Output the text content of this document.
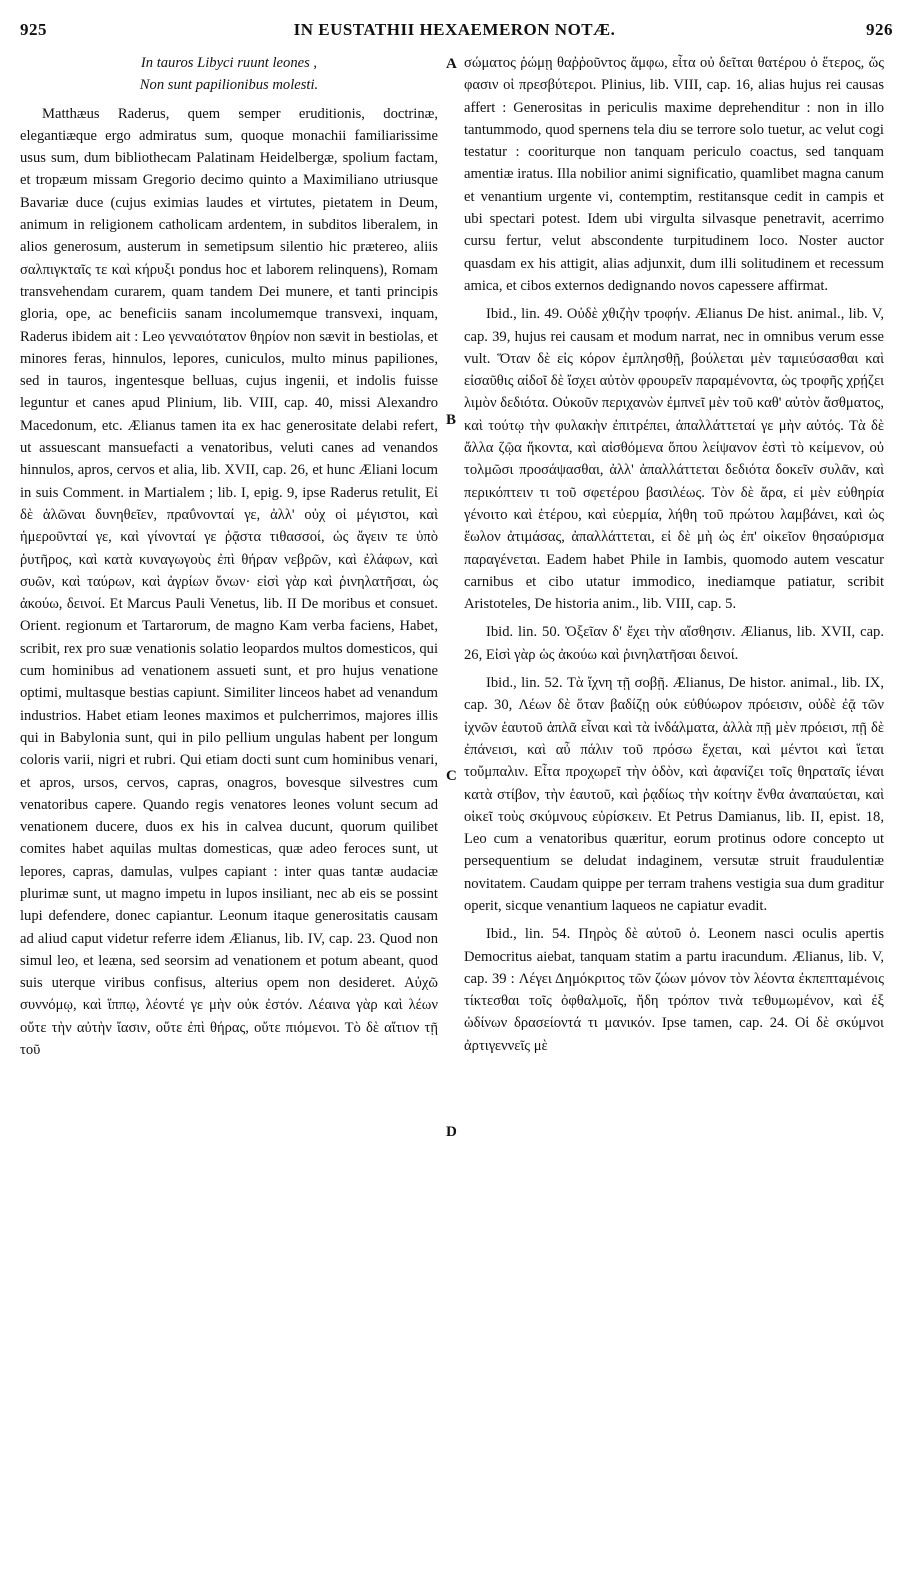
925	IN EUSTATHII HEXAEMERON NOTÆ.	926
A
B
C
D

In tauros Libyci ruunt leones ,

Non sunt papilionibus molesti.

Matthæus Raderus, quem semper eruditionis, doctrinæ, elegantiæque ergo admiratus sum, quoque monachii familiarissime usus sum, dum bibliothecam Palatinam Heidelbergæ, spolium factam, et tropæum missam Gregorio decimo quinto a Maximiliano utriusque Bavariæ duce (cujus eximias laudes et virtutes, pietatem in Deum, animum in religionem catholicam ardentem, in subditos liberalem, in alios generosum, austerum in semetipsum silentio hic prætereo, aliis σαλπιγκταῖς τε καὶ κήρυξι pondus hoc et laborem relinquens), Romam transvehendam curarem, quam tandem Dei munere, et tanti principis gloria, ope, ac beneficiis sanam incolumemque transvexi, inquam, Raderus ibidem ait : Leo γενναιότατον θηρίον non sævit in bestiolas, et minores feras, hinnulos, lepores, cuniculos, multo minus papiliones, sed in tauros, ingentesque belluas, cujus ingenii, et indolis fuisse leguntur et canes apud Plinium, lib. VIII, cap. 40, missi Alexandro Macedonum, etc. Ælianus tamen ita ex hac generositate delabi refert, ut assuescant mansuefacti a venatoribus, veluti canes ad venandos hinnulos, apros, cervos et alia, lib. XVII, cap. 26, et hunc Æliani locum in suis Comment. in Martialem ; lib. I, epig. 9, ipse Raderus retulit, Εἰ δὲ ἁλῶναι δυνηθεῖεν, πραΰνονταί γε, ἀλλ' οὐχ οἱ μέγιστοι, καὶ ἡμεροῦνταί γε, καὶ γίνονταί γε ῥᾷστα τιθασσοί, ὡς ἄγειν τε ὑπὸ ῥυτῆρος, καὶ κατὰ κυναγωγοὺς ἐπὶ θήραν νεβρῶν, καὶ ἐλάφων, καὶ συῶν, καὶ ταύρων, καὶ ἀγρίων ὄνων· εἰσὶ γὰρ καὶ ῥινηλατῆσαι, ὡς ἀκούω, δεινοί. Et Marcus Pauli Venetus, lib. II De moribus et consuet. Orient. regionum et Tartarorum, de magno Kam verba faciens, Habet, scribit, rex pro suæ venationis solatio leopardos multos domesticos, qui cum hominibus ad venationem assueti sunt, et pro hujus venatione optimi, multasque bestias capiunt. Similiter linceos habet ad venandum industrios. Habet etiam leones maximos et pulcherrimos, majores illis qui in Babylonia sunt, qui in pilo pellium ungulas habent per longum coloris varii, nigri et rubri. Qui etiam docti sunt cum hominibus venari, et apros, ursos, cervos, capras, onagros, bovesque silvestres cum venatoribus capere. Quando regis venatores leones volunt secum ad venationem ducere, duos ex his in calvea ducunt, quorum quilibet comites habet aquilas multas domesticas, quæ adeo feroces sunt, ut lepores, capras, damulas, vulpes capiant : inter quas tantæ audaciæ plurimæ sunt, ut magno impetu in lupos insiliant, nec ab eis se possint lupi defendere, donec capiantur. Leonum itaque generositatis causam ad aliud caput videtur referre idem Ælianus, lib. IV, cap. 23. Quod non simul leo, et leæna, sed seorsim ad venationem et potum abeant, quod suis uterque viribus confisus, alterius opem non desideret. Αὐχῶ συννόμῳ, καὶ ἵππῳ, λέοντέ γε μὴν οὐκ ἐστόν. Λέαινα γὰρ καὶ λέων οὔτε τὴν αὐτὴν ἴασιν, οὔτε ἐπὶ θήρας, οὔτε πιόμενοι. Τὸ δὲ αἴτιον τῇ τοῦ

σώματος ῥώμῃ θαῤῥοῦντος ἄμφω, εἶτα οὐ δεῖται θατέρου ὁ ἕτερος, ὥς φασιν οἱ πρεσβύτεροι. Plinius, lib. VIII, cap. 16, alias hujus rei causas affert : Generositas in periculis maxime deprehenditur : non in illo tantummodo, quod spernens tela diu se terrore solo tuetur, ac velut cogi testatur : cooriturque non tanquam periculo coactus, sed tanquam amentiæ iratus. Illa nobilior animi significatio, quamlibet magna canum et venantium urgente vi, contemptim, restitansque cedit in campis et ubi spectari potest. Idem ubi virgulta silvasque penetravit, acerrimo cursu fertur, velut abscondente turpitudinem loco. Noster auctor quasdam ex his attigit, alias adjunxit, dum illi solitudinem et recessum amica, et cibos externos dedignando novos capessere affirmat.

Ibid., lin. 49. Οὐδὲ χθιζὴν τροφήν. Ælianus De hist. animal., lib. V, cap. 39, hujus rei causam et modum narrat, nec in omnibus verum esse vult. Ὅταν δὲ εἰς κόρον ἐμπλησθῇ, βούλεται μὲν ταμιεύσασθαι καὶ εἰσαῦθις αἰδοῖ δὲ ἴσχει αὐτὸν φρουρεῖν παραμένοντα, ὡς τροφῆς χρῄζει λιμὸν δεδιότα. Οὐκοῦν περιχανὼν ἐμπνεῖ μὲν τοῦ καθ' αὐτὸν ἄσθματος, καὶ τούτῳ τὴν φυλακὴν ἐπιτρέπει, ἀπαλλάττεταί γε μὴν αὐτός. Τὰ δὲ ἄλλα ζῷα ἥκοντα, καὶ αἰσθόμενα ὅπου λείψανον ἐστὶ τὸ κείμενον, οὐ τολμῶσι προσάψασθαι, ἀλλ' ἀπαλλάττεται δεδιότα δοκεῖν συλᾶν, καὶ περικόπτειν τι τοῦ σφετέρου βασιλέως. Τὸν δὲ ἄρα, εἰ μὲν εὐθηρία γένοιτο καὶ ἑτέρου, καὶ εὐερμία, λήθη τοῦ πρώτου λαμβάνει, καὶ ὡς ἕωλον ἀτιμάσας, ἀπαλλάττεται, εἰ δὲ μὴ ὡς ἐπ' οἰκεῖον θησαύρισμα παραγένεται. Eadem habet Phile in Iambis, quomodo autem vescatur carnibus et cibo utatur immodico, inediamque patiatur, scribit Aristoteles, De historia anim., lib. VIII, cap. 5.

Ibid. lin. 50. Ὀξεῖαν δ' ἔχει τὴν αἴσθησιν. Ælianus, lib. XVII, cap. 26, Εἰσὶ γὰρ ὡς ἀκούω καὶ ῥινηλατῆσαι δεινοί.

Ibid., lin. 52. Τὰ ἴχνη τῇ σοβῇ. Ælianus, De histor. animal., lib. IX, cap. 30, Λέων δὲ ὅταν βαδίζῃ οὐκ εὐθύωρον πρόεισιν, οὐδὲ ἐᾷ τῶν ἰχνῶν ἑαυτοῦ ἁπλᾶ εἶναι καὶ τὰ ἰνδάλματα, ἀλλὰ πῇ μὲν πρόεισι, πῇ δὲ ἐπάνεισι, καὶ αὖ πάλιν τοῦ πρόσω ἔχεται, καὶ μέντοι καὶ ἵεται τοὔμπαλιν. Εἶτα προχωρεῖ τὴν ὁδὸν, καὶ ἀφανίζει τοῖς θηραταῖς ἰέναι κατὰ στίβον, τὴν ἑαυτοῦ, καὶ ῥᾳδίως τὴν κοίτην ἔνθα ἀναπαύεται, καὶ οἰκεῖ τοὺς σκύμνους εὑρίσκειν. Et Petrus Damianus, lib. II, epist. 18, Leo cum a venatoribus quæritur, eorum protinus odore concepto ut persequentium se deludat indaginem, versutæ struit fraudulentiæ novitatem. Caudam quippe per terram trahens vestigia sua dum graditur operit, sicque venantium laqueos ne capiatur evadit.

Ibid., lin. 54. Πηρὸς δὲ αὐτοῦ ὁ. Leonem nasci oculis apertis Democritus aiebat, tanquam statim a partu iracundum. Ælianus, lib. V, cap. 39 : Λέγει Δημόκριτος τῶν ζώων μόνον τὸν λέοντα ἐκπεπταμένοις τίκτεσθαι τοῖς ὀφθαλμοῖς, ἤδη τρόπον τινὰ τεθυμωμένον, καὶ ἐξ ὠδίνων δρασείοντά τι μανικόν. Ipse tamen, cap. 24. Οἱ δὲ σκύμνοι ἀρτιγεννεῖς μὲ
